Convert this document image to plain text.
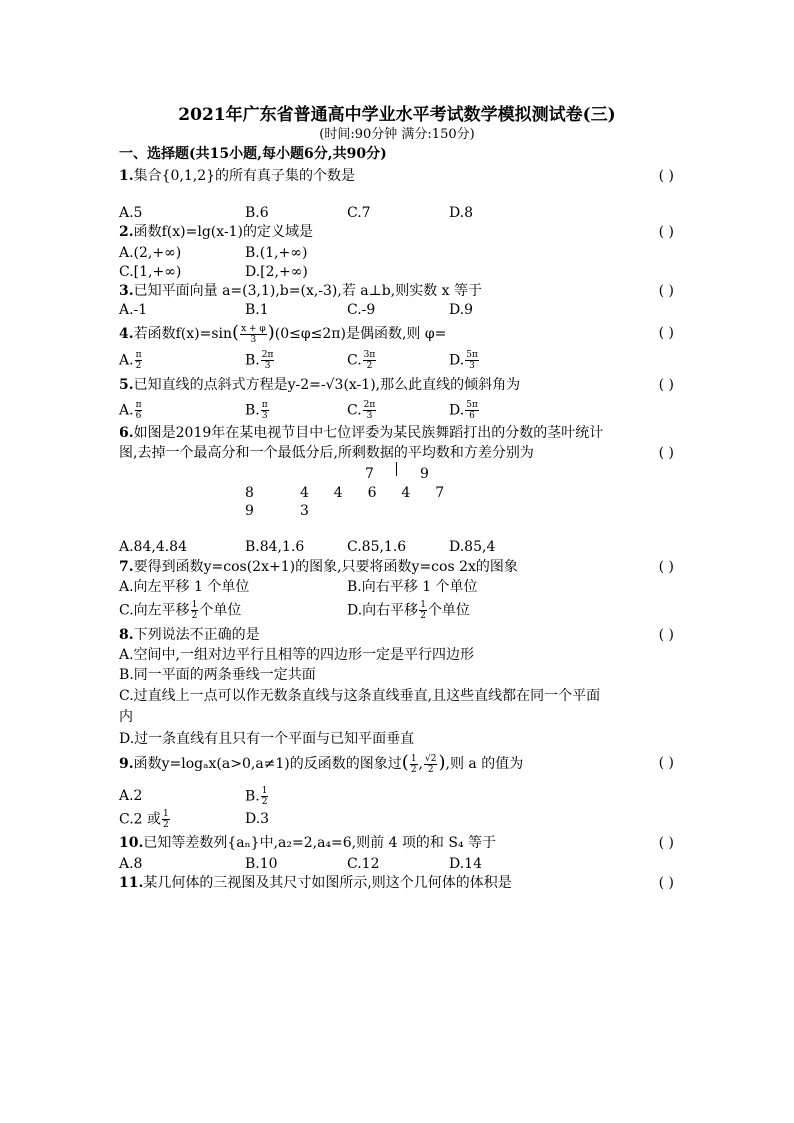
2021年广东省普通高中学业水平考试数学模拟测试卷(三)
(时间:90分钟 满分:150分)
一、选择题(共15小题,每小题6分,共90分)
1.集合{0,1,2}的所有真子集的个数是	( )
A.5	B.6	C.7	D.8
2.函数f(x)=lg(x-1)的定义域是	( )
A.(2,+∞)	B.(1,+∞)
C.[1,+∞)	D.[2,+∞)
3.已知平面向量 a=(3,1),b=(x,-3),若 a⊥b,则实数 x 等于	( )
A.-1	B.1	C.-9	D.9
4.若函数$f(x)=\sin( \frac{x + \varphi}{3} )(0\le\varphi\le 2\pi)$是偶函数,则 φ=	( )
A. $\frac{\pi}{2}$	B. $\frac{2\pi}{3}$	C. $\frac{3\pi}{2}$	D. $\frac{5\pi}{3}$
5.已知直线的点斜式方程是y-2=-√3(x-1),那么此直线的倾斜角为	( )
A. $\frac{\pi}{6}$	B. $\frac{\pi}{3}$	C. $\frac{2\pi}{3}$	D. $\frac{5\pi}{6}$
6.如图是2019年在某电视节目中七位评委为某民族舞蹈打出的分数的茎叶统计
图,去掉一个最高分和一个最低分后,所剩数据的平均数和方差分别为	( )
7	9
8	4  4  6  4  7
9	3
A.84,4.84	B.84,1.6	C.85,1.6	D.85,4
7.要得到函数y=cos(2x+1)的图象,只要将函数y=cos 2x的图象	( )
A.向左平移 1 个单位	B.向右平移 1 个单位
C.向左平移 $\frac{1}{2}$ 个单位	D.向右平移 $\frac{1}{2}$ 个单位
8.下列说法不正确的是	( )
A.空间中,一组对边平行且相等的四边形一定是平行四边形
B.同一平面的两条垂线一定共面
C.过直线上一点可以作无数条直线与这条直线垂直,且这些直线都在同一个平面
内
D.过一条直线有且只有一个平面与已知平面垂直
9.函数y=logₐx(a>0,a≠1)的反函数的图象过( $\frac{1}{2}$ , $\frac{√2}{2}$ ),则 a 的值为	( )
A.2	B. $\frac{1}{2}$
C.2 或 $\frac{1}{2}$	D.3
10.已知等差数列{aₙ}中,a₂=2,a₄=6,则前 4 项的和 S₄ 等于	( )
A.8	B.10	C.12	D.14
11.某几何体的三视图及其尺寸如图所示,则这个几何体的体积是	( )
